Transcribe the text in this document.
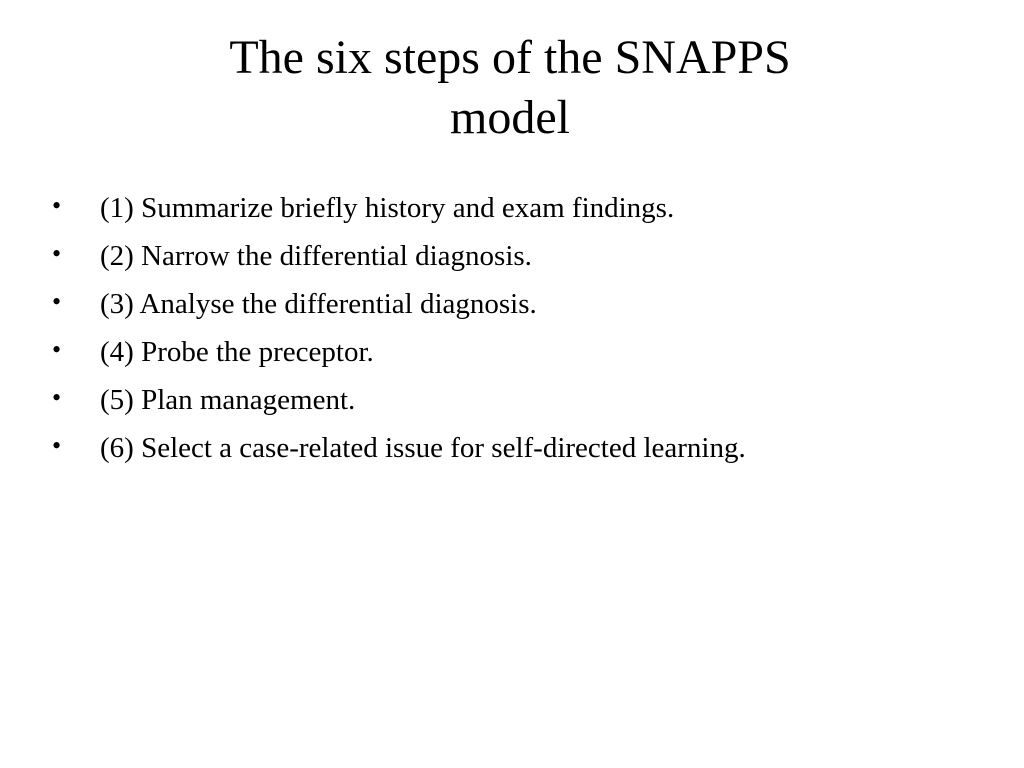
The six steps of the SNAPPS
model
•	(1) Summarize briefly history and exam findings.
•	(2) Narrow the differential diagnosis.
•	(3) Analyse the differential diagnosis.
•	(4) Probe the preceptor.
•	(5) Plan management.
•	(6) Select a case-related issue for self-directed learning.
